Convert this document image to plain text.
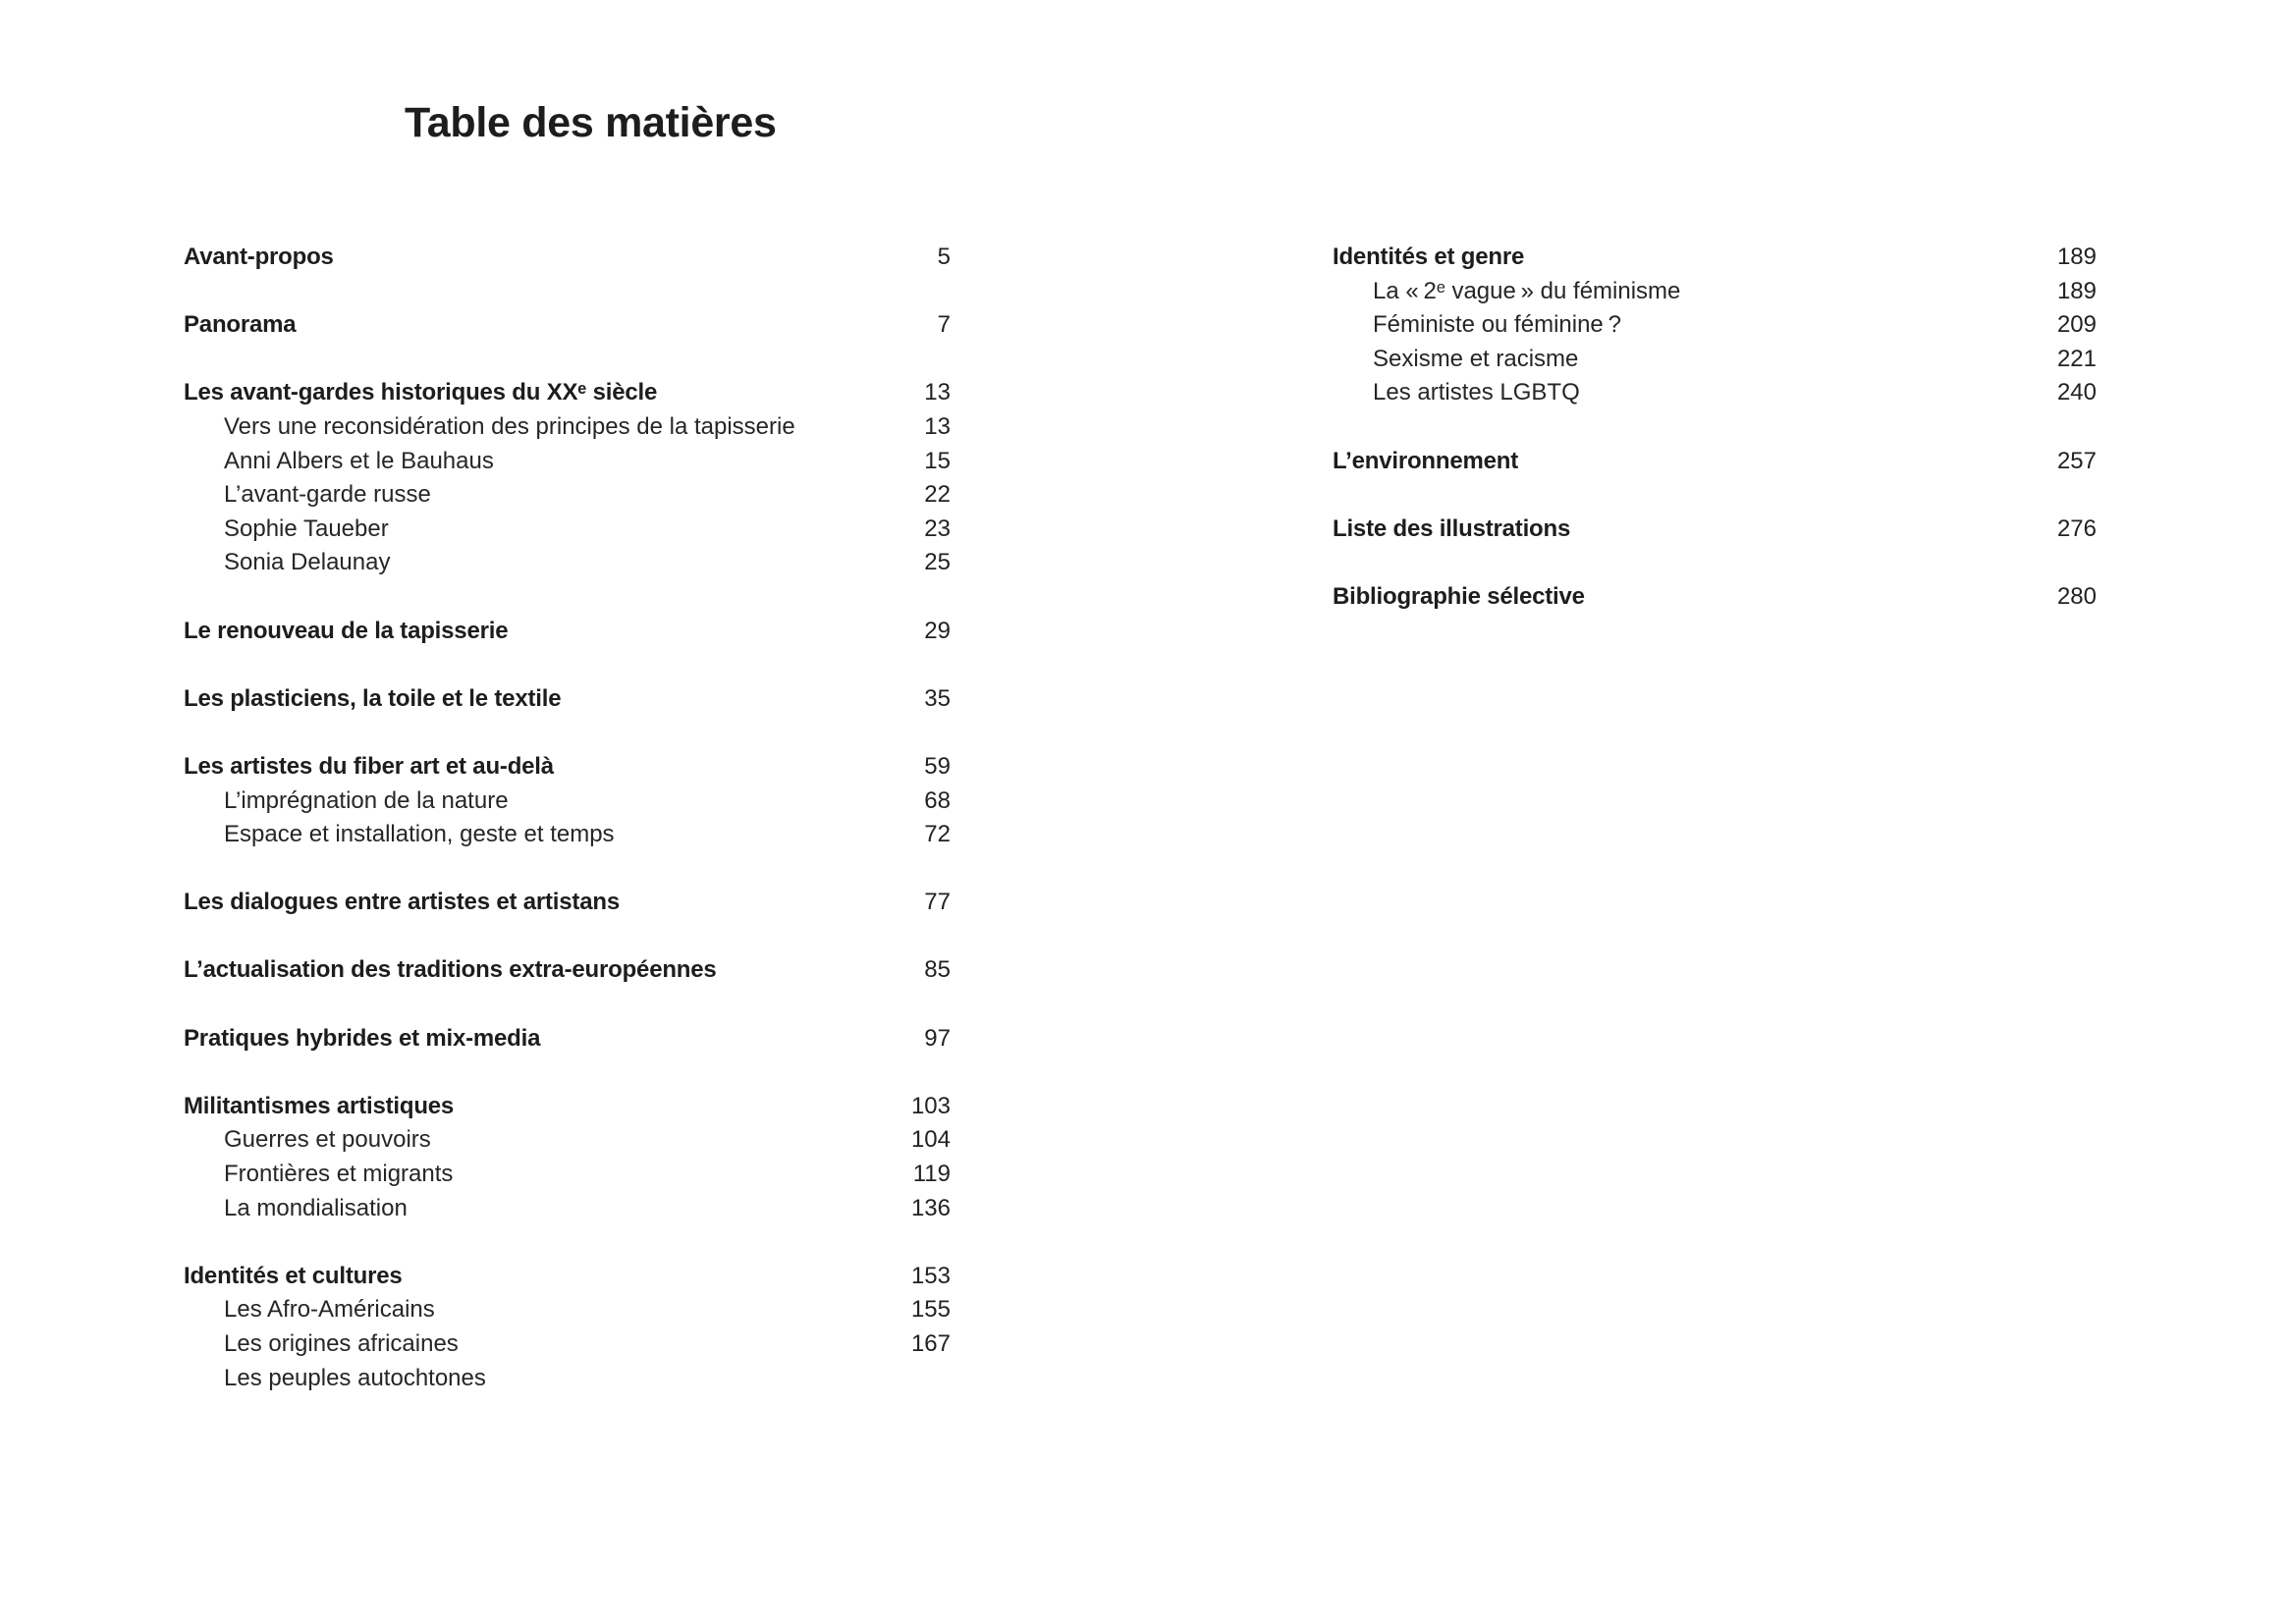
Table des matières
Avant-propos	5
Panorama	7
Les avant-gardes historiques du XXᵉ siècle	13
Vers une reconsidération des principes de la tapisserie	13
Anni Albers et le Bauhaus	15
L’avant-garde russe	22
Sophie Taueber	23
Sonia Delaunay	25
Le renouveau de la tapisserie	29
Les plasticiens, la toile et le textile	35
Les artistes du fiber art et au-delà	59
L’imprégnation de la nature	68
Espace et installation, geste et temps	72
Les dialogues entre artistes et artistans	77
L’actualisation des traditions extra-européennes	85
Pratiques hybrides et mix-media	97
Militantismes artistiques	103
Guerres et pouvoirs	104
Frontières et migrants	119
La mondialisation	136
Identités et cultures	153
Les Afro-Américains	155
Les origines africaines	167
Les peuples autochtones
Identités et genre	189
La « 2ᵉ vague » du féminisme	189
Féministe ou féminine ?	209
Sexisme et racisme	221
Les artistes LGBTQ	240
L’environnement	257
Liste des illustrations	276
Bibliographie sélective	280
